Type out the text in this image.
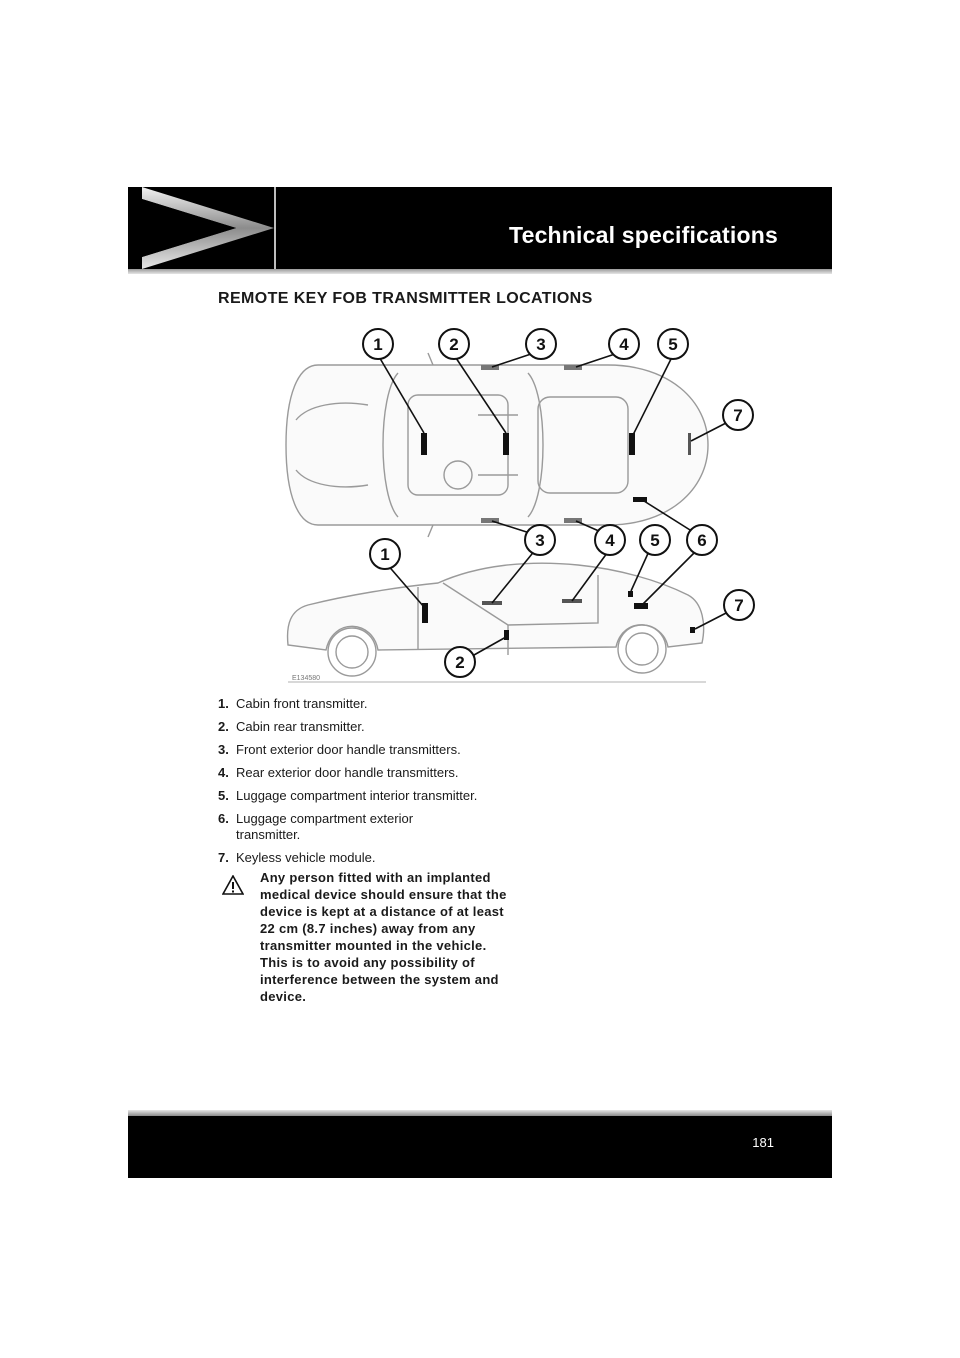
Technical specifications
REMOTE KEY FOB TRANSMITTER LOCATIONS
1	2	3	4 5
7
3	4 5 6
1
7
2
E134580
1. Cabin front transmitter.
2. Cabin rear transmitter.
3. Front exterior door handle transmitters.
4. Rear exterior door handle transmitters.
5. Luggage compartment interior transmitter.
6. Luggage compartment exterior transmitter.
7. Keyless vehicle module.
Any person fitted with an implanted medical device should ensure that the device is kept at a distance of at least 22 cm (8.7 inches) away from any transmitter mounted in the vehicle. This is to avoid any possibility of interference between the system and device.
181
